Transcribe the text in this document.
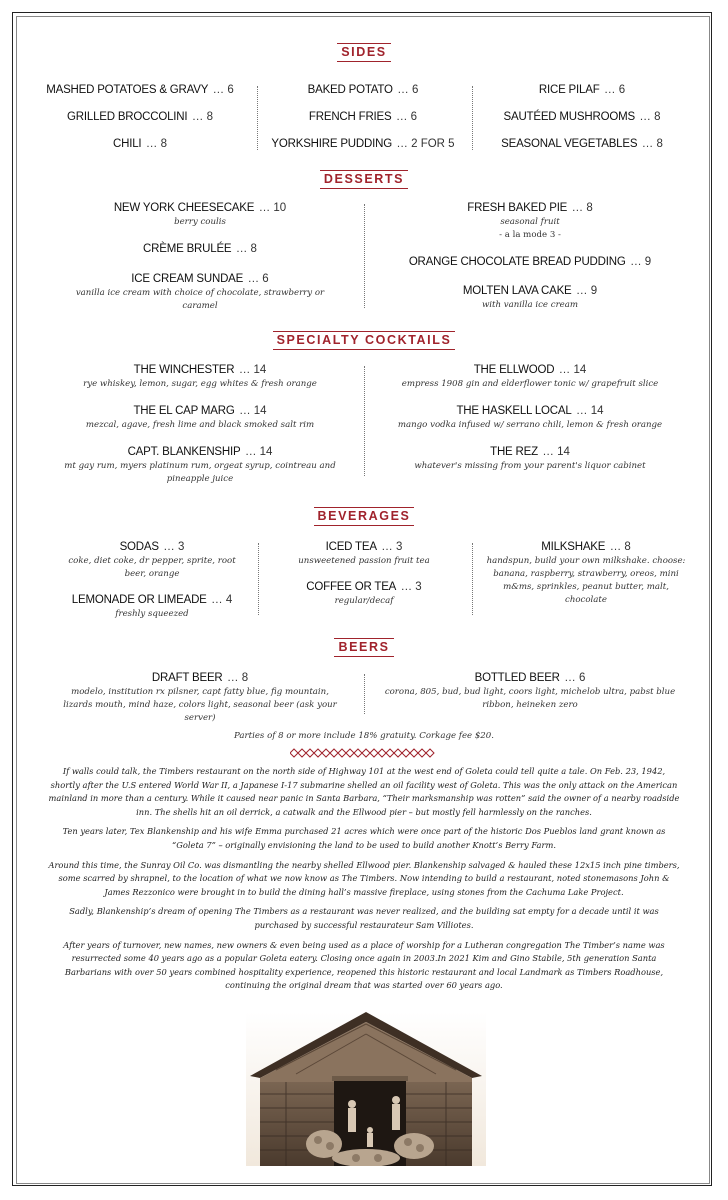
SIDES
MASHED POTATOES & GRAVY … 6
GRILLED BROCCOLINI … 8
CHILI … 8
BAKED POTATO … 6
FRENCH FRIES … 6
YORKSHIRE PUDDING … 2 FOR 5
RICE PILAF … 6
SAUTÉED MUSHROOMS … 8
SEASONAL VEGETABLES … 8
DESSERTS
NEW YORK CHEESECAKE … 10
berry coulis
CRÈME BRULÉE … 8
ICE CREAM SUNDAE … 6
vanilla ice cream with choice of chocolate, strawberry or caramel
FRESH BAKED PIE … 8
seasonal fruit
- a la mode 3 -
ORANGE CHOCOLATE BREAD PUDDING … 9
MOLTEN LAVA CAKE … 9
with vanilla ice cream
SPECIALTY COCKTAILS
THE WINCHESTER … 14
rye whiskey, lemon, sugar, egg whites & fresh orange
THE EL CAP MARG … 14
mezcal, agave, fresh lime and black smoked salt rim
CAPT. BLANKENSHIP … 14
mt gay rum, myers platinum rum, orgeat syrup, cointreau and pineapple juice
THE ELLWOOD … 14
empress 1908 gin and elderflower tonic w/ grapefruit slice
THE HASKELL LOCAL … 14
mango vodka infused w/ serrano chili, lemon & fresh orange
THE REZ … 14
whatever's missing from your parent's liquor cabinet
BEVERAGES
SODAS … 3
coke, diet coke, dr pepper, sprite, root beer, orange
LEMONADE OR LIMEADE … 4
freshly squeezed
ICED TEA … 3
unsweetened passion fruit tea
COFFEE OR TEA … 3
regular/decaf
MILKSHAKE … 8
handspun, build your own milkshake. choose: banana, raspberry, strawberry, oreos, mini m&ms, sprinkles, peanut butter, malt, chocolate
BEERS
DRAFT BEER … 8
modelo, institution rx pilsner, capt fatty blue, fig mountain, lizards mouth, mind haze, colors light, seasonal beer (ask your server)
BOTTLED BEER … 6
corona, 805, bud, bud light, coors light, michelob ultra, pabst blue ribbon, heineken zero
Parties of 8 or more include 18% gratuity. Corkage fee $20.

If walls could talk, the Timbers restaurant on the north side of Highway 101 at the west end of Goleta could tell quite a tale. On Feb. 23, 1942, shortly after the U.S entered World War II, a Japanese I-17 submarine shelled an oil facility west of Goleta. This was the only attack on the American mainland in more than a century. While it caused near panic in Santa Barbara, “Their marksmanship was rotten” said the owner of a nearby roadside inn. The shells hit an oil derrick, a catwalk and the Ellwood pier – but mostly fell harmlessly on the ranches.

Ten years later, Tex Blankenship and his wife Emma purchased 21 acres which were once part of the historic Dos Pueblos land grant known as “Goleta 7” – originally envisioning the land to be used to build another Knott’s Berry Farm.

Around this time, the Sunray Oil Co. was dismantling the nearby shelled Ellwood pier. Blankenship salvaged & hauled these 12x15 inch pine timbers, some scarred by shrapnel, to the location of what we now know as The Timbers. Now intending to build a restaurant, noted stonemasons John & James Rezzonico were brought in to build the dining hall’s massive fireplace, using stones from the Cachuma Lake Project.

Sadly, Blankenship’s dream of opening The Timbers as a restaurant was never realized, and the building sat empty for a decade until it was purchased by successful restaurateur Sam Villiotes.

After years of turnover, new names, new owners & even being used as a place of worship for a Lutheran congregation The Timber’s name was resurrected some 40 years ago as a popular Goleta eatery. Closing once again in 2003.In 2021 Kim and Gino Stabile, 5th generation Santa Barbarians with over 50 years combined hospitality experience, reopened this historic restaurant and local Landmark as Timbers Roadhouse, continuing the original dream that was started over 60 years ago.
